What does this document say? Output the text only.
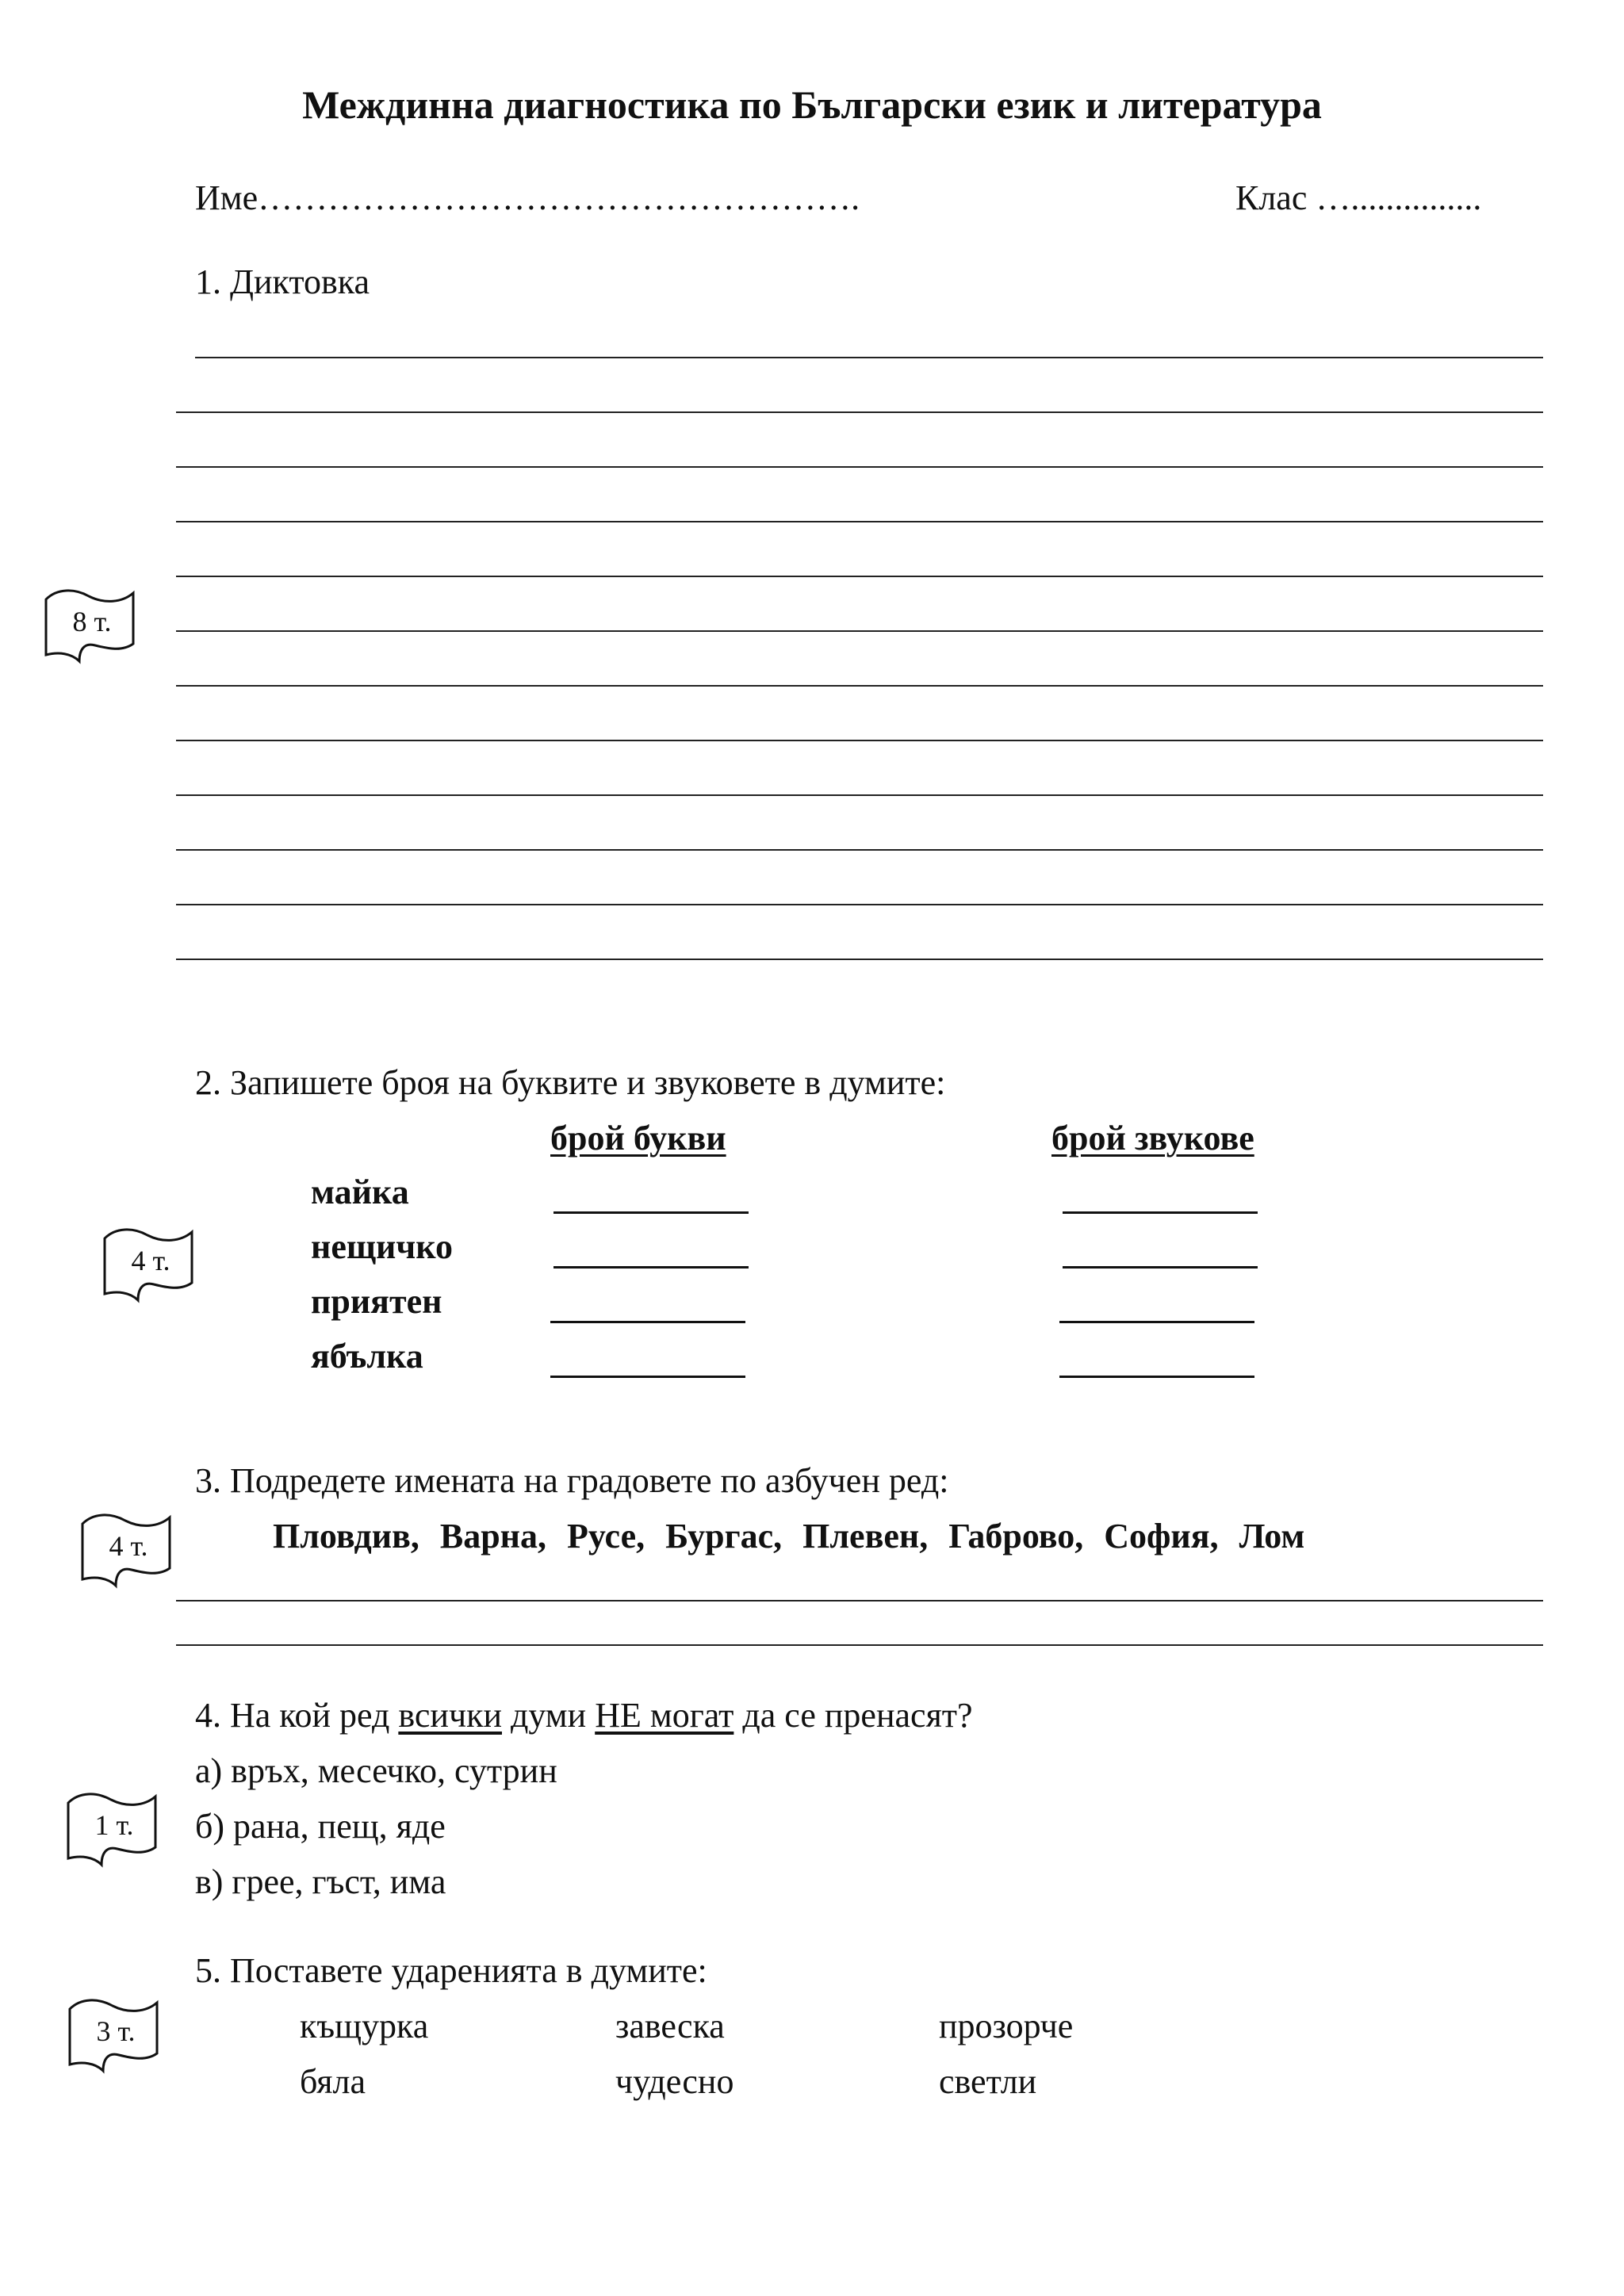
Междинна диагностика по Български език и литература
Име…………………………………………….	Клас …...............
1. Диктовка
8 т.
2. Запишете броя на буквите и звуковете в думите:
брой букви	брой звукове
майка
нещичко
приятен
ябълка
4 т.
3. Подредете имената на градовете по азбучен ред:
Пловдив, Варна, Русе, Бургас, Плевен, Габрово, София, Лом
4 т.
4. На кой ред всички думи НЕ могат да се пренасят?
а) връх, месечко, сутрин
б) рана, пещ, яде
в) грее, гъст, има
1 т.
5. Поставете ударенията в думите:
къщурка	завеска	прозорче
бяла	чудесно	светли
3 т.
